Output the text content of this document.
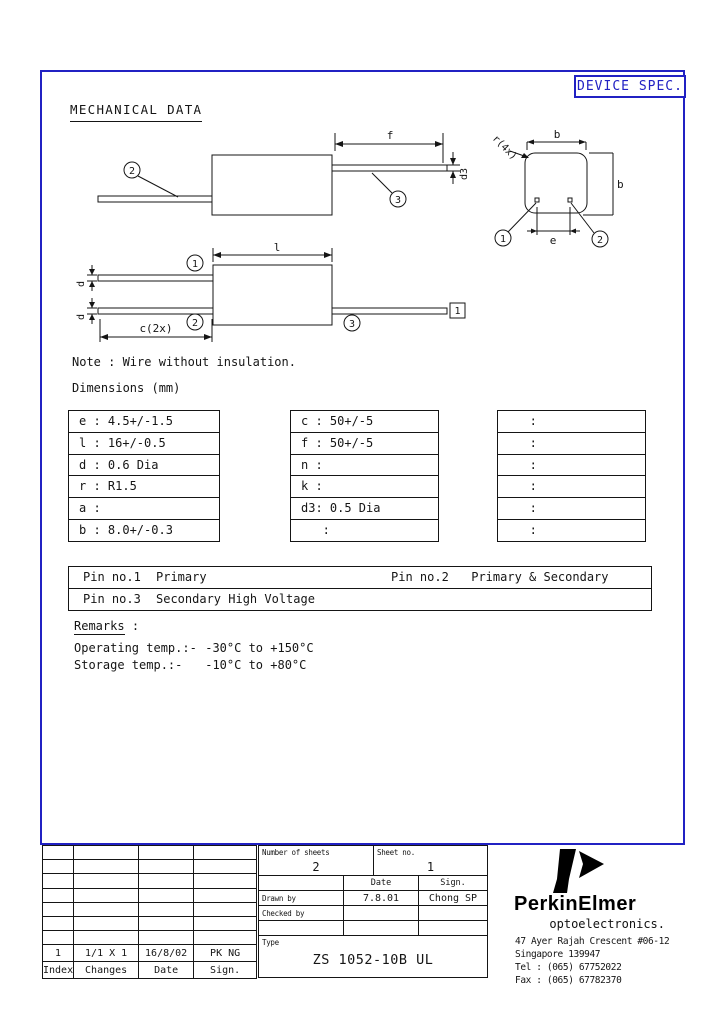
DEVICE SPEC.
MECHANICAL DATA
f
d3
2
3
b
b
r(4x)
1	2
e
l
d
d
1
2	3
c(2x)
1
Note : Wire without insulation.
Dimensions (mm)
e : 4.5+/-1.5
l : 16+/-0.5
d : 0.6 Dia
r : R1.5
a :
b : 8.0+/-0.3
c : 50+/-5
f : 50+/-5
n :
k :
d3: 0.5 Dia
:
:
:
:
:
:
:
Pin no.1	Primary	Pin no.2 Primary & Secondary
Pin no.3	Secondary High Voltage
Remarks :
Operating temp.:- -30°C to +150°C
Storage temp.:- -10°C to +80°C

1	1/1 X 1	16/8/02	PK NG
Index	Changes	Date	Sign.
Number of sheets
2
Sheet no.
1
Date	Sign.
Drawn by	7.8.01	Chong SP
Checked by
Type
ZS 1052-10B UL
PerkinElmer
optoelectronics.
47 Ayer Rajah Crescent #06-12
Singapore 139947
Tel : (065) 67752022
Fax : (065) 67782370
